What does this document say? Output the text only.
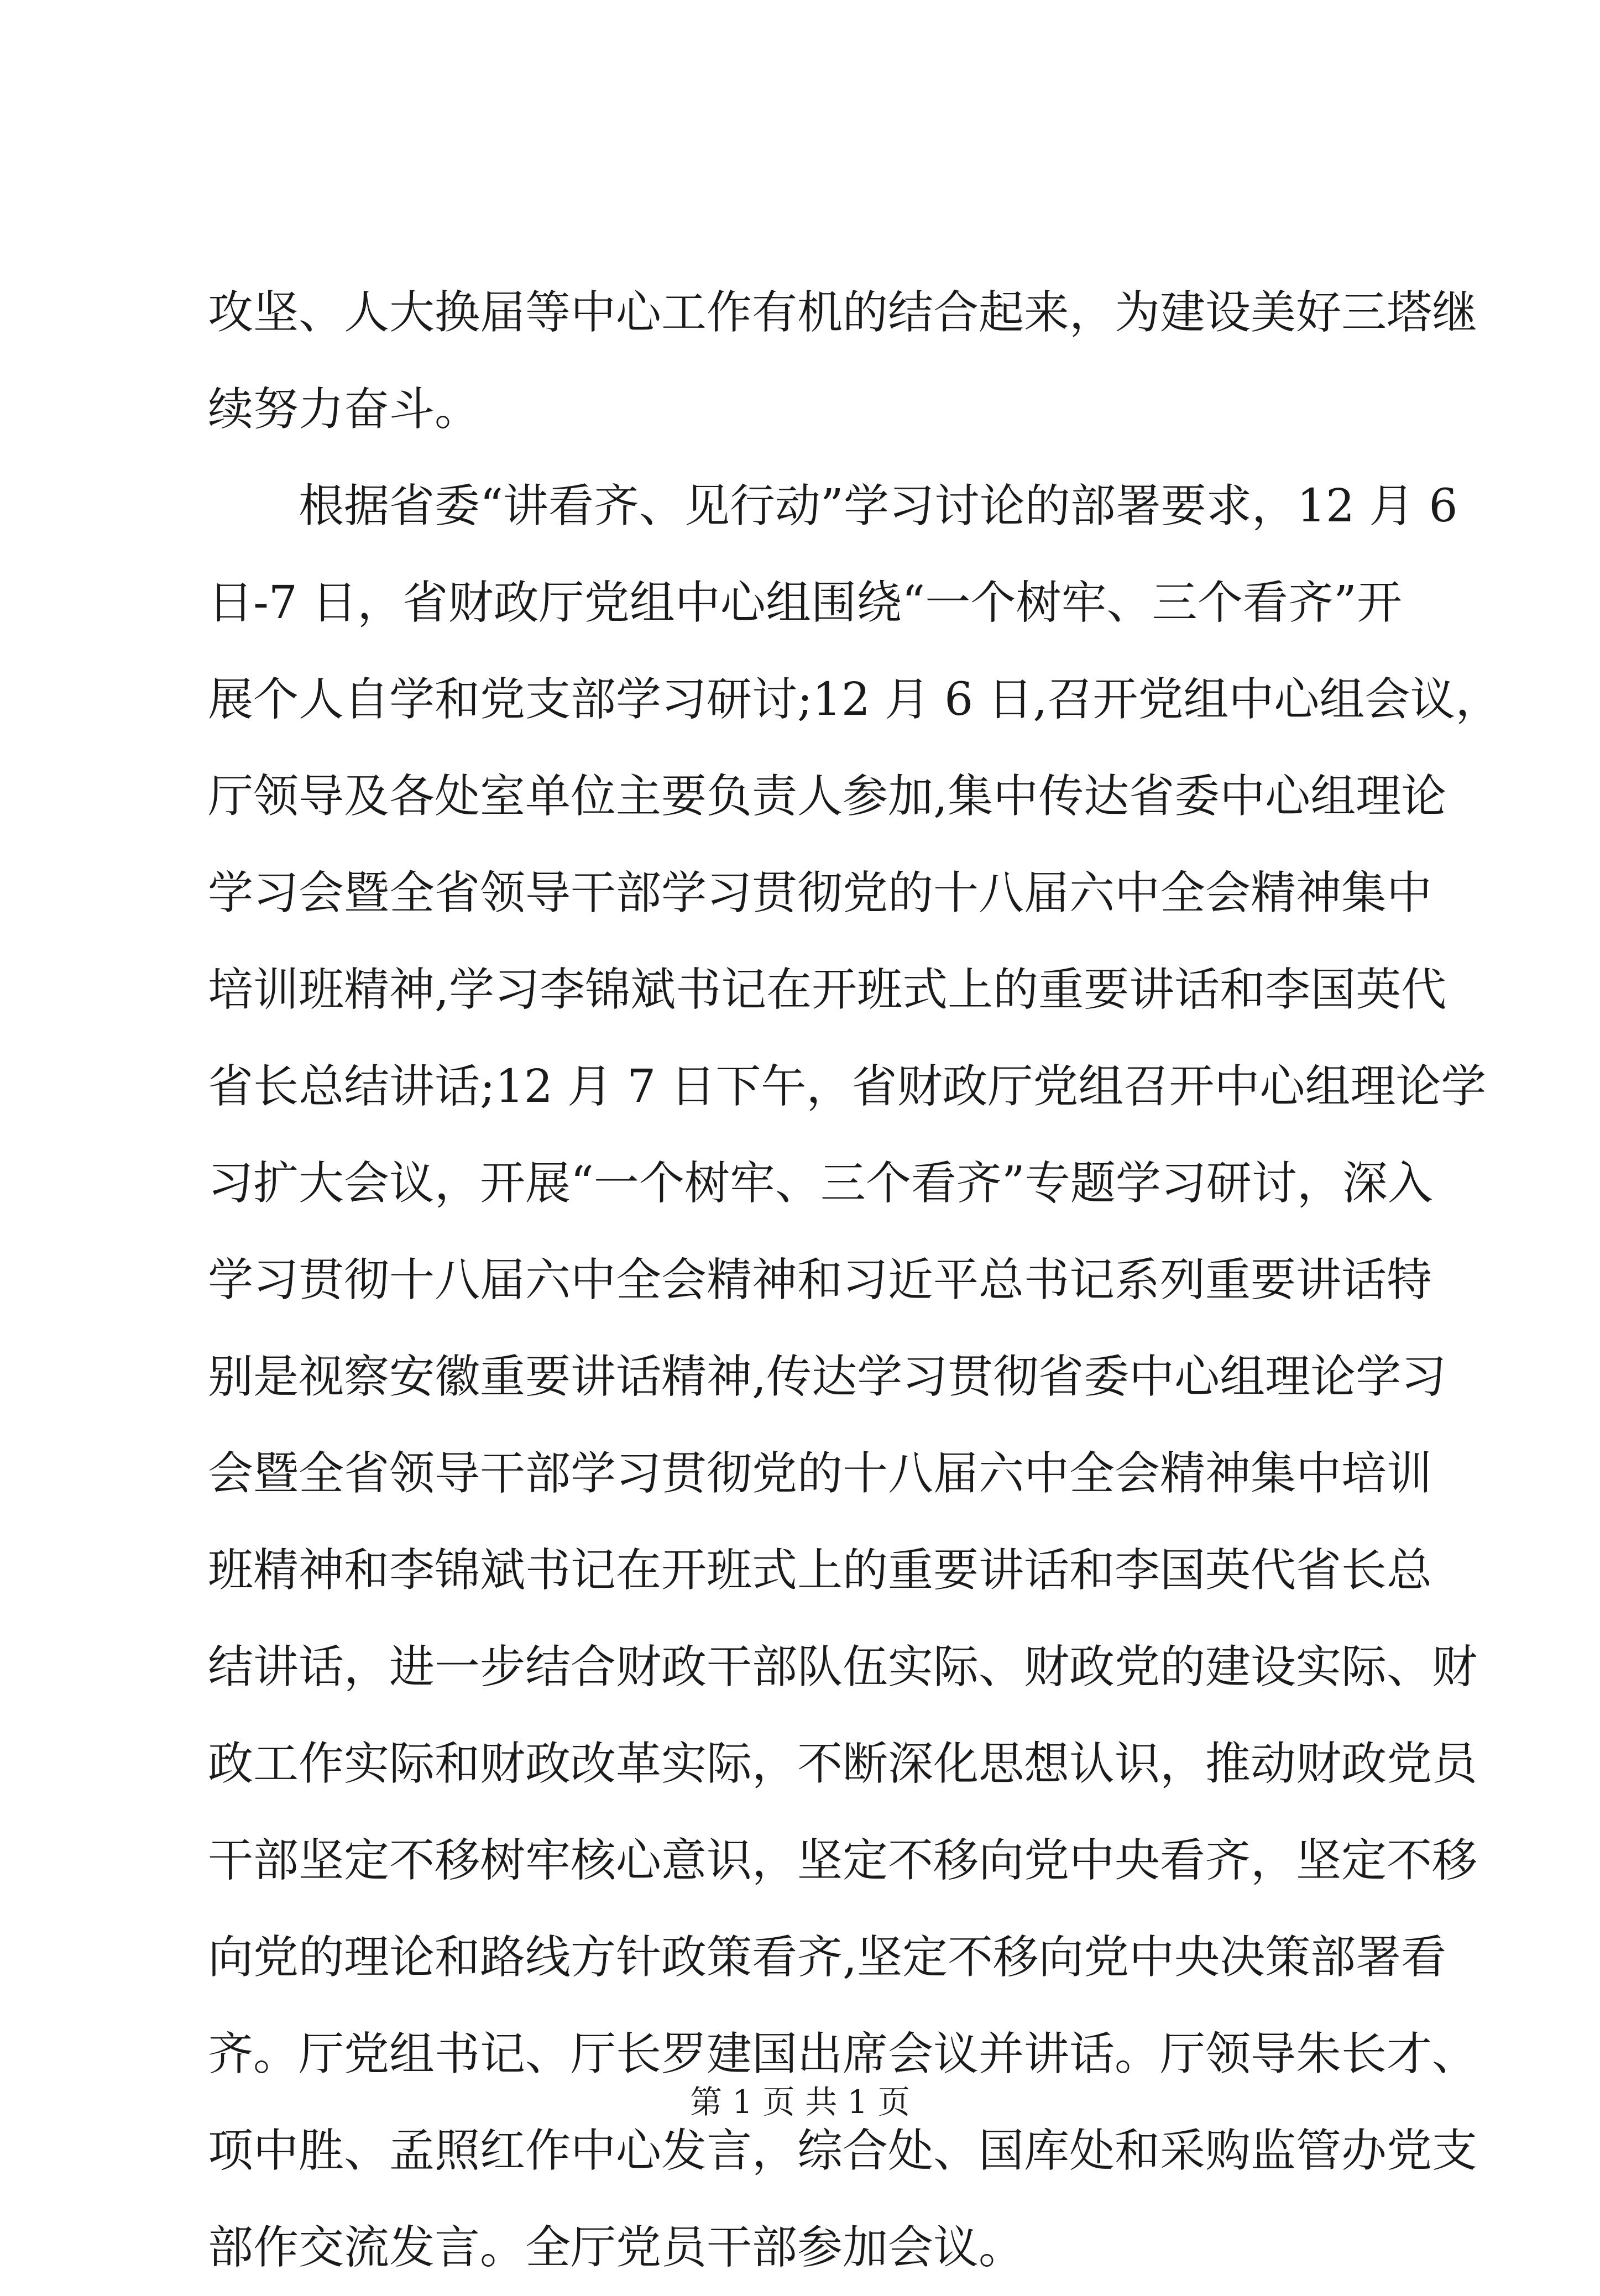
攻坚、人大换届等中心工作有机的结合起来，为建设美好三塔继
续努力奋斗。
根据省委“讲看齐、见行动”学习讨论的部署要求，12 月 6
日-7 日，省财政厅党组中心组围绕“一个树牢、三个看齐”开
展个人自学和党支部学习研讨;12 月 6 日,召开党组中心组会议，
厅领导及各处室单位主要负责人参加,集中传达省委中心组理论
学习会暨全省领导干部学习贯彻党的十八届六中全会精神集中
培训班精神,学习李锦斌书记在开班式上的重要讲话和李国英代
省长总结讲话;12 月 7 日下午，省财政厅党组召开中心组理论学
习扩大会议，开展“一个树牢、三个看齐”专题学习研讨，深入
学习贯彻十八届六中全会精神和习近平总书记系列重要讲话特
别是视察安徽重要讲话精神,传达学习贯彻省委中心组理论学习
会暨全省领导干部学习贯彻党的十八届六中全会精神集中培训
班精神和李锦斌书记在开班式上的重要讲话和李国英代省长总
结讲话，进一步结合财政干部队伍实际、财政党的建设实际、财
政工作实际和财政改革实际，不断深化思想认识，推动财政党员
干部坚定不移树牢核心意识，坚定不移向党中央看齐，坚定不移
向党的理论和路线方针政策看齐,坚定不移向党中央决策部署看
齐。厅党组书记、厅长罗建国出席会议并讲话。厅领导朱长才、
项中胜、孟照红作中心发言，综合处、国库处和采购监管办党支
部作交流发言。全厅党员干部参加会议。
第 1 页 共 1 页
